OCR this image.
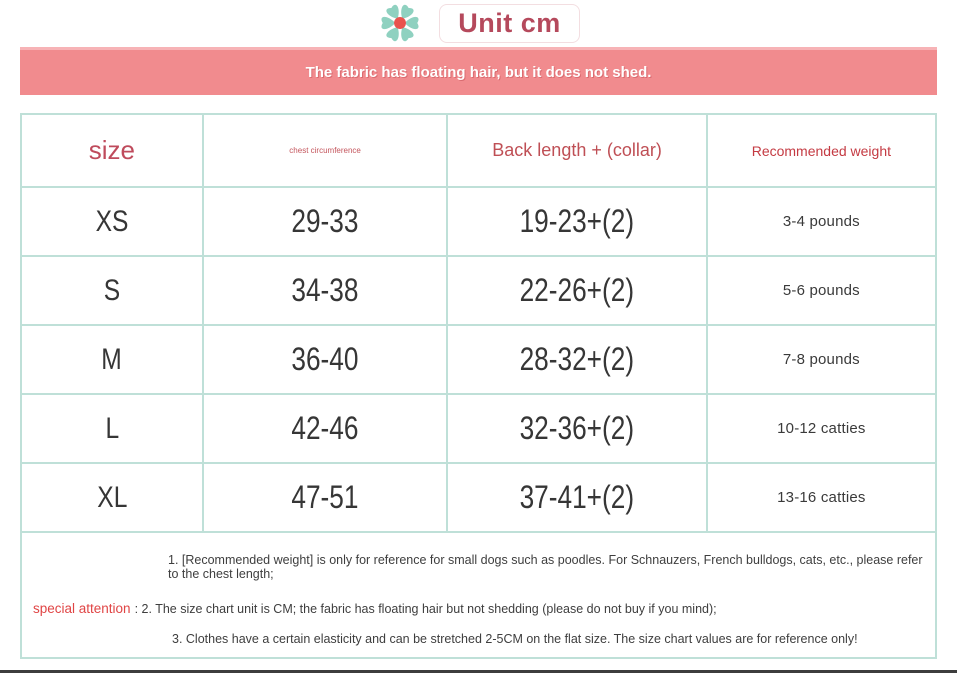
Unit cm
The fabric has floating hair, but it does not shed.
size	chest circumference	Back length + (collar)	Recommended weight
XS	29-33	19-23+(2)	3-4 pounds
S	34-38	22-26+(2)	5-6 pounds
M	36-40	28-32+(2)	7-8 pounds
L	42-46	32-36+(2)	10-12 catties
XL	47-51	37-41+(2)	13-16 catties
1. [Recommended weight] is only for reference for small dogs such as poodles. For Schnauzers, French bulldogs, cats, etc., please refer to the chest length;
special attention : 2. The size chart unit is CM; the fabric has floating hair but not shedding (please do not buy if you mind);
3. Clothes have a certain elasticity and can be stretched 2-5CM on the flat size. The size chart values are for reference only!
